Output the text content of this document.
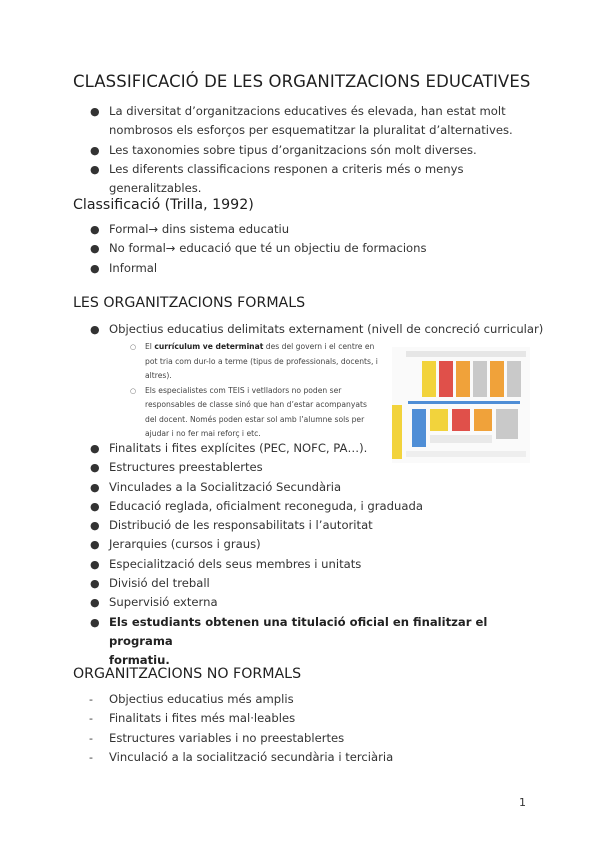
CLASSIFICACIÓ DE LES ORGANITZACIONS EDUCATIVES
● La diversitat d’organitzacions educatives és elevada, han estat molt
nombrosos els esforços per esquematitzar la pluralitat d’alternatives.
● Les taxonomies sobre tipus d’organitzacions són molt diverses.
● Les diferents classificacions responen a criteris més o menys generalitzables.
Classificació (Trilla, 1992)
● Formal→ dins sistema educatiu
● No formal→ educació que té un objectiu de formacions
● Informal
LES ORGANITZACIONS FORMALS
● Objectius educatius delimitats externament (nivell de concreció curricular)
○ El currículum ve determinat des del govern i el centre en
pot tria com dur-lo a terme (tipus de professionals, docents, i
altres).
○ Els especialistes com TEIS i vetlladors no poden ser
responsables de classe sinó que han d’estar acompanyats
del docent. Només poden estar sol amb l’alumne sols per
ajudar i no fer mai reforç i etc.
● Finalitats i fites explícites (PEC, NOFC, PA…).
● Estructures preestablertes
● Vinculades a la Socialització Secundària
● Educació reglada, oficialment reconeguda, i graduada
● Distribució de les responsabilitats i l’autoritat
● Jerarquies (cursos i graus)
● Especialització dels seus membres i unitats
● Divisió del treball
● Supervisió externa
● Els estudiants obtenen una titulació oficial en finalitzar el programa
formatiu.
ORGANITZACIONS NO FORMALS
- Objectius educatius més amplis
- Finalitats i fites més mal·leables
- Estructures variables i no preestablertes
- Vinculació a la socialització secundària i terciària
1
